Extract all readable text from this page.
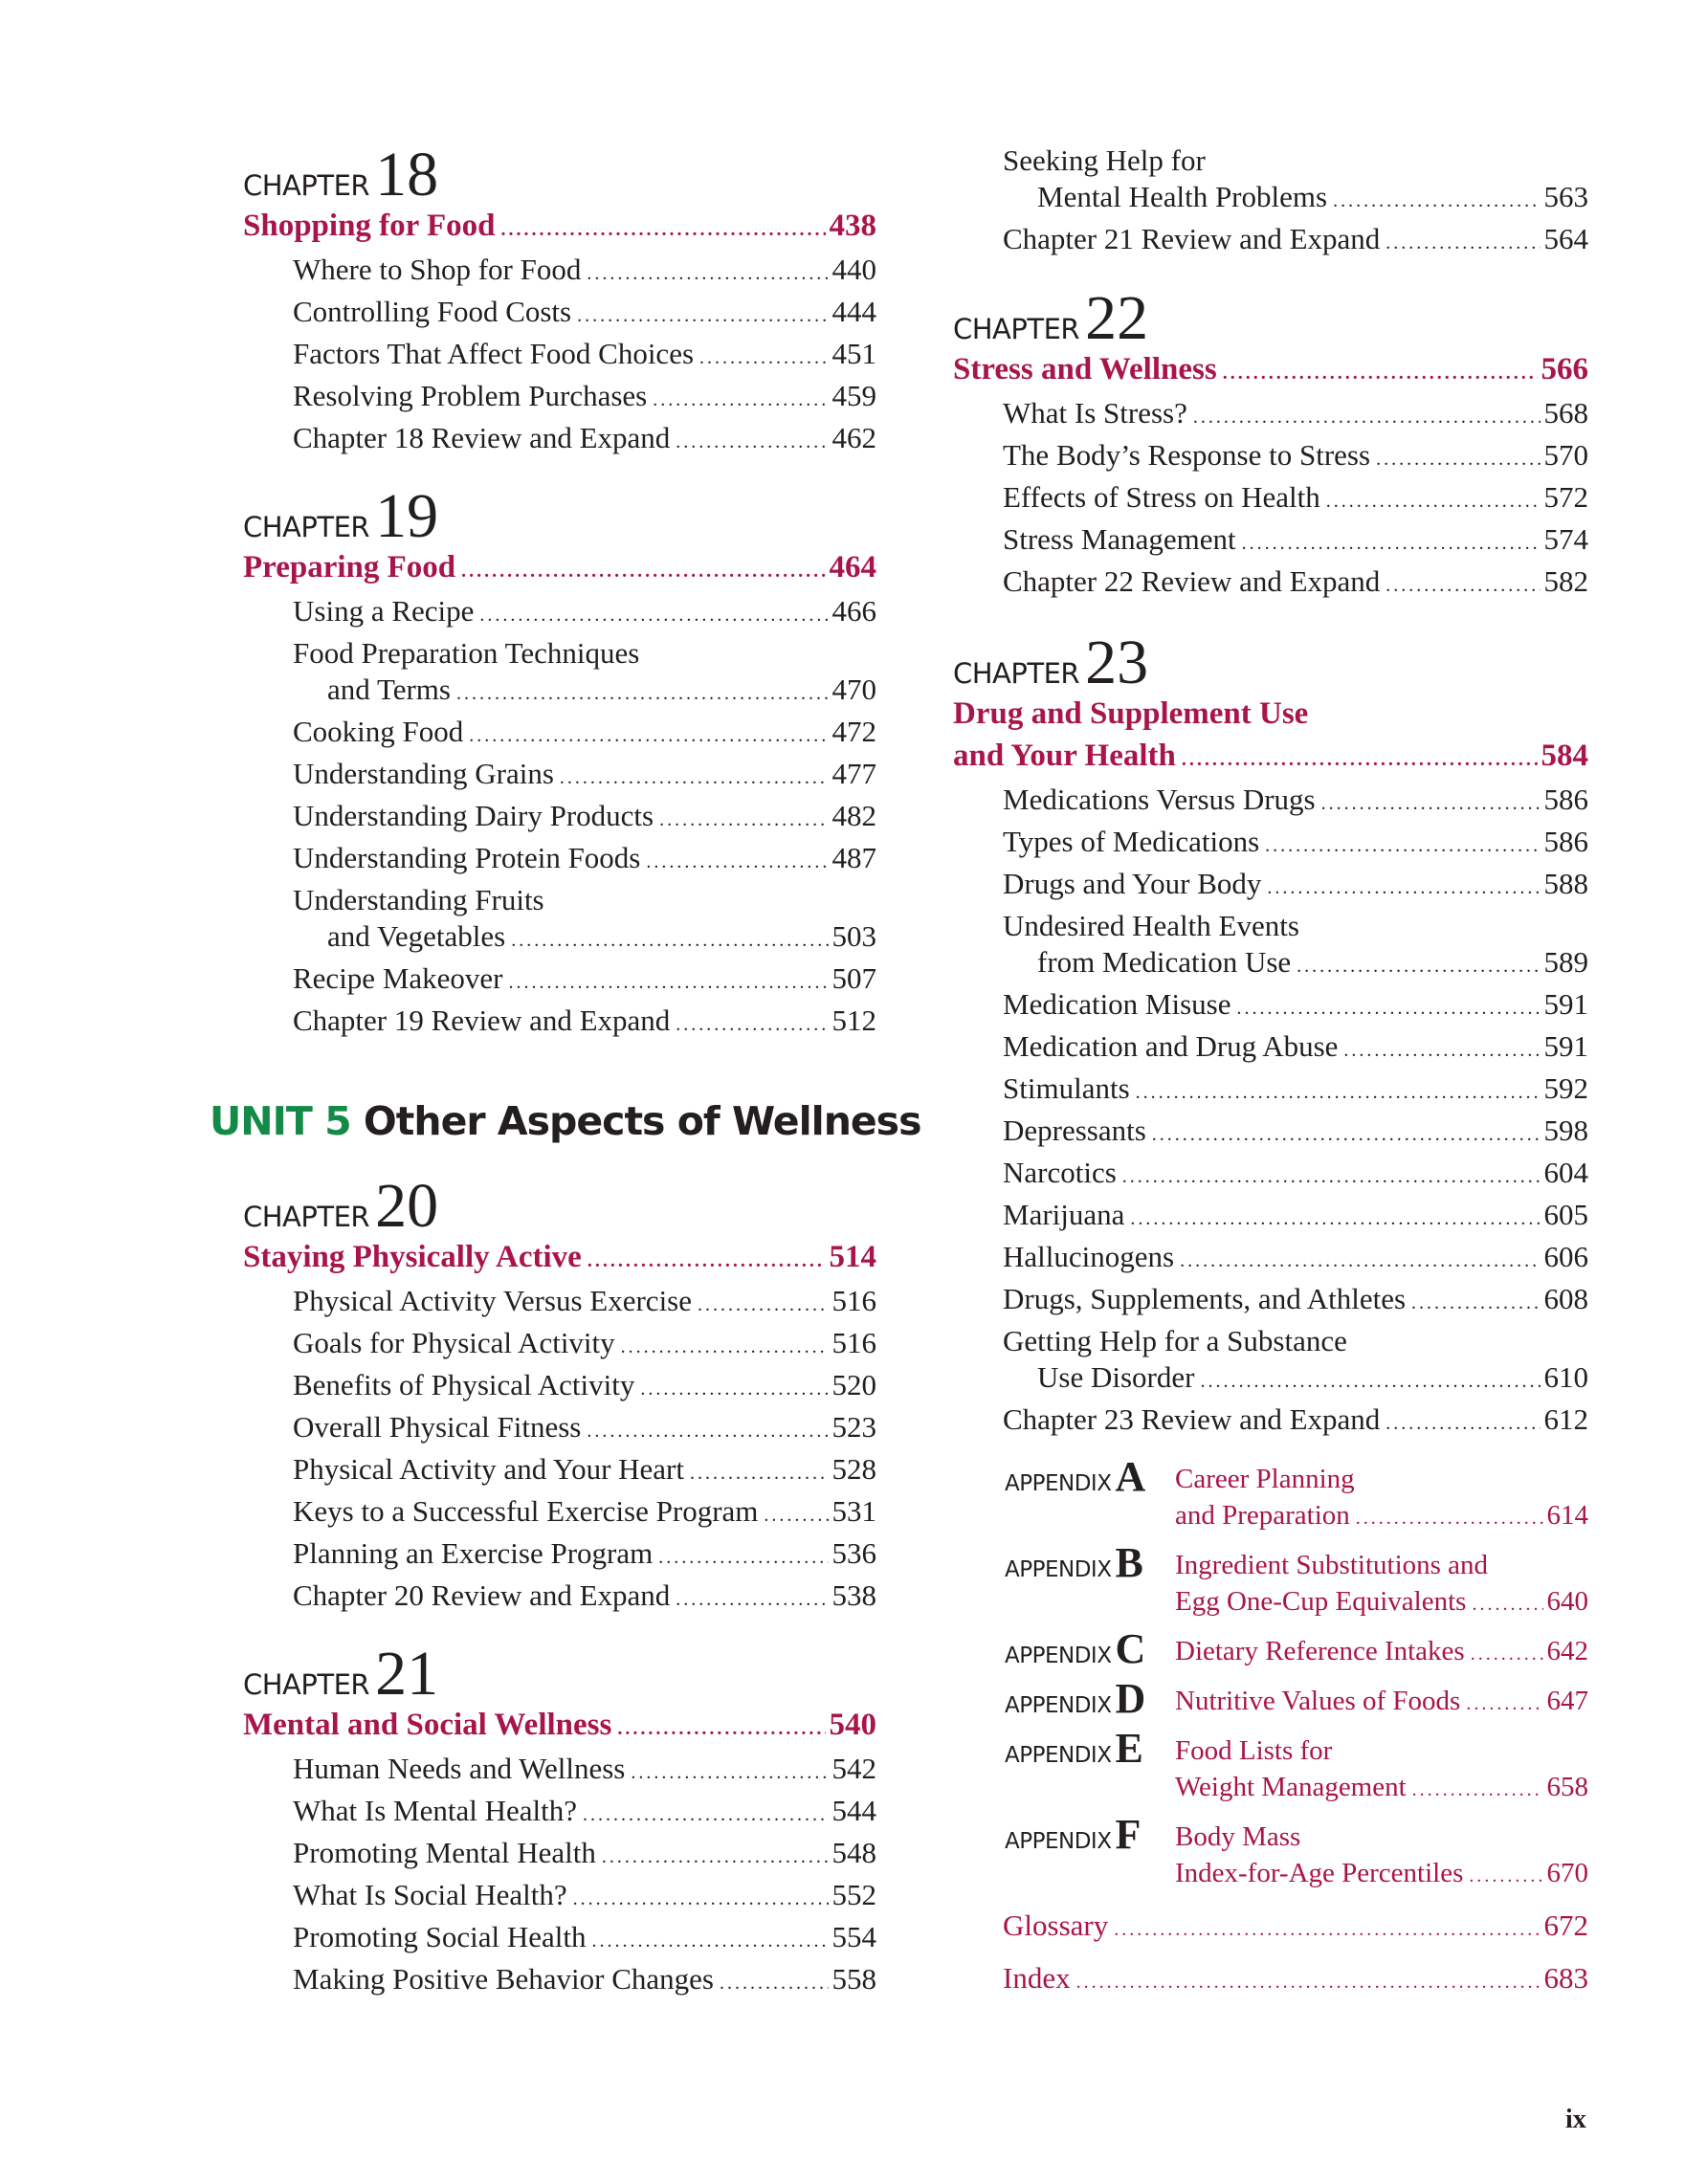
CHAPTER18
Shopping for Food .....	438
Where to Shop for Food .....	440
Controlling Food Costs .....	444
Factors That Affect Food Choices .....	451
Resolving Problem Purchases .....	459
Chapter 18 Review and Expand .....	462
CHAPTER19
Preparing Food .....	464
Using a Recipe .....	466
Food Preparation Techniques
and Terms .....	470
Cooking Food .....	472
Understanding Grains .....	477
Understanding Dairy Products .....	482
Understanding Protein Foods .....	487
Understanding Fruits
and Vegetables .....	503
Recipe Makeover .....	507
Chapter 19 Review and Expand .....	512
CHAPTER20
Staying Physically Active .....	514
Physical Activity Versus Exercise .....	516
Goals for Physical Activity .....	516
Benefits of Physical Activity .....	520
Overall Physical Fitness .....	523
Physical Activity and Your Heart .....	528
Keys to a Successful Exercise Program ..... 531
Planning an Exercise Program .....	536
Chapter 20 Review and Expand .....	538
CHAPTER21
Mental and Social Wellness .....	540
Human Needs and Wellness .....	542
What Is Mental Health? .....	544
Promoting Mental Health .....	548
What Is Social Health? .....	552
Promoting Social Health .....	554
Making Positive Behavior Changes .....	558
UNIT 5 Other Aspects of Wellness
Seeking Help for
Mental Health Problems .....	563
Chapter 21 Review and Expand .....	564
CHAPTER22
Stress and Wellness .....	566
What Is Stress? .....	568
The Body’s Response to Stress .....	570
Effects of Stress on Health .....	572
Stress Management .....	574
Chapter 22 Review and Expand .....	582
CHAPTER23
Drug and Supplement Use
and Your Health .....	584
Medications Versus Drugs .....	586
Types of Medications .....	586
Drugs and Your Body .....	588
Undesired Health Events
from Medication Use .....	589
Medication Misuse .....	591
Medication and Drug Abuse .....	591
Stimulants .....	592
Depressants .....	598
Narcotics .....	604
Marijuana .....	605
Hallucinogens .....	606
Drugs, Supplements, and Athletes .....	608
Getting Help for a Substance
Use Disorder .....	610
Chapter 23 Review and Expand .....	612
APPENDIXA Career Planning
and Preparation .....	614
APPENDIXB Ingredient Substitutions and
Egg One-Cup Equivalents .....	640
APPENDIXC Dietary Reference Intakes .....	642
APPENDIXD Nutritive Values of Foods .....	647
APPENDIXE Food Lists for
Weight Management .....	658
APPENDIXF Body Mass
Index-for-Age Percentiles .....	670
Glossary .....	672
Index .....	683
ix
